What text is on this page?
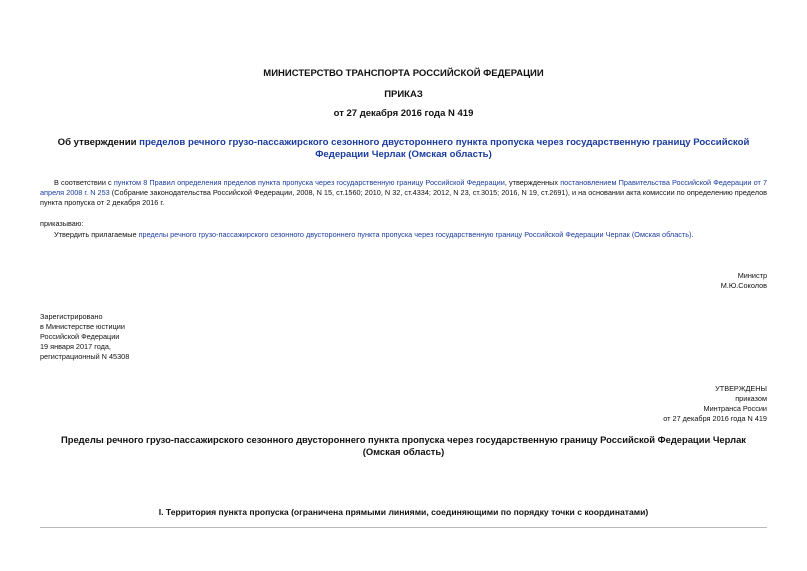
МИНИСТЕРСТВО ТРАНСПОРТА РОССИЙСКОЙ ФЕДЕРАЦИИ
ПРИКАЗ
от 27 декабря 2016 года N 419
Об утверждении пределов речного грузо-пассажирского сезонного двустороннего пункта пропуска через государственную границу Российской Федерации Черлак (Омская область)
В соответствии с пунктом 8 Правил определения пределов пункта пропуска через государственную границу Российской Федерации, утвержденных постановлением Правительства Российской Федерации от 7 апреля 2008 г. N 253 (Собрание законодательства Российской Федерации, 2008, N 15, ст.1560; 2010, N 32, ст.4334; 2012, N 23, ст.3015; 2016, N 19, ст.2691), и на основании акта комиссии по определению пределов пункта пропуска от 2 декабря 2016 г.
приказываю:
Утвердить прилагаемые пределы речного грузо-пассажирского сезонного двустороннего пункта пропуска через государственную границу Российской Федерации Черлак (Омская область).
Министр
М.Ю.Соколов
Зарегистрировано
в Министерстве юстиции
Российской Федерации
19 января 2017 года,
регистрационный N 45308
УТВЕРЖДЕНЫ
приказом
Минтранса России
от 27 декабря 2016 года N 419
Пределы речного грузо-пассажирского сезонного двустороннего пункта пропуска через государственную границу Российской Федерации Черлак (Омская область)
I. Территория пункта пропуска (ограничена прямыми линиями, соединяющими по порядку точки с координатами)
